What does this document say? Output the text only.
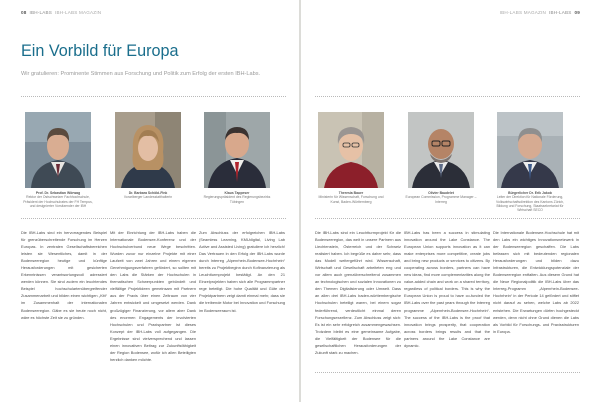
08 IBH-LABS IBH-LABS MAGAZIN
Ein Vorbild für Europa
Wir gratulieren: Prominente Stimmen aus Forschung und Politik zum Erfolg der ersten IBH-Labs.
Prof. Dr. Sebastian Wörwag
Rektor der Ostschweizer Fachhochschule, Präsident der Hochschulrates der FH Tempus, und designierter Vorsitzender der IBH
Dr. Barbara Schöbi-Fink
Vorarlberger Landesstatthalterin
Klaus Tappeser
Regierungspräsident des Regierungsbezirks Tübingen

Die IBH-Labs sind ein hervorragendes Beispiel für grenzüberschreitende Forschung im Herzen Europas. In zentralen Gesellschaftsbereichen leisten sie Wesentliches, damit in der Bodenseeregion heutige und künftige Herausforderungen mit gesicherten Erkenntnissen verantwortungsvoll adressiert werden können. Sie sind zudem ein leuchtendes Beispiel hochschulartenübergreifender Zusammenarbeit und bilden einen wichtigen „Kitt“ im Zusammenhalt der internationalen Bodenseeregion. Gäbe es sie heute noch nicht, wäre es höchste Zeit sie zu gründen.

Mit der Einrichtung der IBH-Labs haben die Internationale Bodensee-Konferenz und der Hochschulverbund neue Wege beschritten. Wurden zuvor nur einzelne Projekte mit einer Laufzeit von zwei Jahren und einem eigenen Genehmigungsverfahren gefördert, so sollten mit den Labs die Stärken der Hochschulen in thematischen Schwerpunkten gebündelt und vielfältige Projektideen gemeinsam mit Partnern aus der Praxis über einen Zeitraum von vier Jahren entwickelt und umgesetzt werden. Dank großzügiger Finanzierung, vor allem aber Dank des enormen Engagements der involvierten Hochschulen und Praxispartner ist dieses Konzept der IBH-Labs voll aufgegangen. Die Ergebnisse sind vielversprechend und lassen einen innovativen Beitrag zur Zukunftsfähigkeit der Region Bodensee, wofür ich allen Beteiligten herzlich danken möchte.

Zum Abschluss der erfolgreichen IBH-Labs (Seamless Learning, KMUdigital, Living Lab Active and Assisted Living) gratuliere ich herzlich! Das Vertrauen in den Erfolg der IBH-Labs wurde durch Interreg „Alpenrhein-Bodensee-Hochrhein“ bereits zu Projektbeginn durch Kofinanzierung als Leuchtturmprojekt bestätigt. An den 21 Einzelprojekten haben sich alle Programmpartner rege beteiligt. Die hohe Qualität und Güte der Projektpartnern zeigt damit einmal mehr, dass sie die treibende Motor bei Innovation und Forschung im Bodenseeraum ist.

IBH-LABS MAGAZIN IBH-LABS 09
Theresia Bauer
Ministerin für Wissenschaft, Forschung und Kunst, Baden-Württemberg
Olivier Baudelet
European Commission, Programme Manager – Interreg
Bürgerlicher Dr. Erik Jakob
Leiter der Direktion für Nationale Förderung, Volkswirtschaftsdirektion des Kantons Zürich, Bildung und Forschung, Staatssekretariat für Wirtschaft SECO

Die IBH-Labs sind ein Leuchtturmprojekt für die Bodenseeregion, das weit in unsere Partnern aus Liechtenstein, Österreich und der Schweiz realisiert haben. Ich begrüße es daher sehr, dass das Modell weitergeführt wird. Wissenschaft, Wirtschaft und Gesellschaft arbeiteten eng und vor allem auch grenzüberschreitend zusammen an technologischen und sozialen Innovationen zu den Themen Digitalisierung oder Umwelt. Dass an allen drei IBH-Labs baden-württembergische Hochschulen beteiligt waren, bei einem sogar federführend, verdeutlicht einmal deren Forschungsexzellenz. Zum Abschluss zeigt sich: Es ist ein sehr erfolgreich zusammengewachsen. Trotzdem bleibt es eine gemeinsame Aufgabe, die Vielfältigkeit der Bodensee für die gesellschaftlichen Herausforderungen der Zukunft stark zu machen.

IBH-Labs has been a success in stimulating innovation around the Lake Constance. The European Union supports innovation as it can make enterprises more competitive, create jobs and bring new products or services to citizens. By cooperating across borders, partners can have new ideas, find more complementarities along the value-added chain and work on a shared territory, regardless of political borders. This is why the European Union is proud to have co-funded the IBH-Labs over the past years through the Interreg programme „Alpenrhein-Bodensee-Hochrhein“. The success of the IBH-Labs is the proof that innovation brings prosperity, that cooperation across borders brings results and that the partners around the Lake Constance are dynamic.

Die Internationale Bodensee-Hochschule hat mit den Labs ein wichtiges Innovationsnetzwerk in der Bodenseeregion geschaffen. Die Labs befassen sich mit bedeutenden regionalen Herausforderungen und bilden dazu Infrastrukturen, die Entwicklungspotenziale der Bodenseeregion entfalten. Aus diesem Grund hat die Neue Regionalpolitik die IBH-Labs über das Interreg-Programm „Alpenrhein-Bodensee-Hochrhein“ in der Periode 14 gefördert und stiftet nicht darauf zu sehen, welche Labs ab 2022 entstehen. Die Erwartungen dürfen hochgesteckt werden, denn nicht ohne Grund dienen die Labs als Vorbild für Forschungs- und Praxisstrukturen in Europa.
